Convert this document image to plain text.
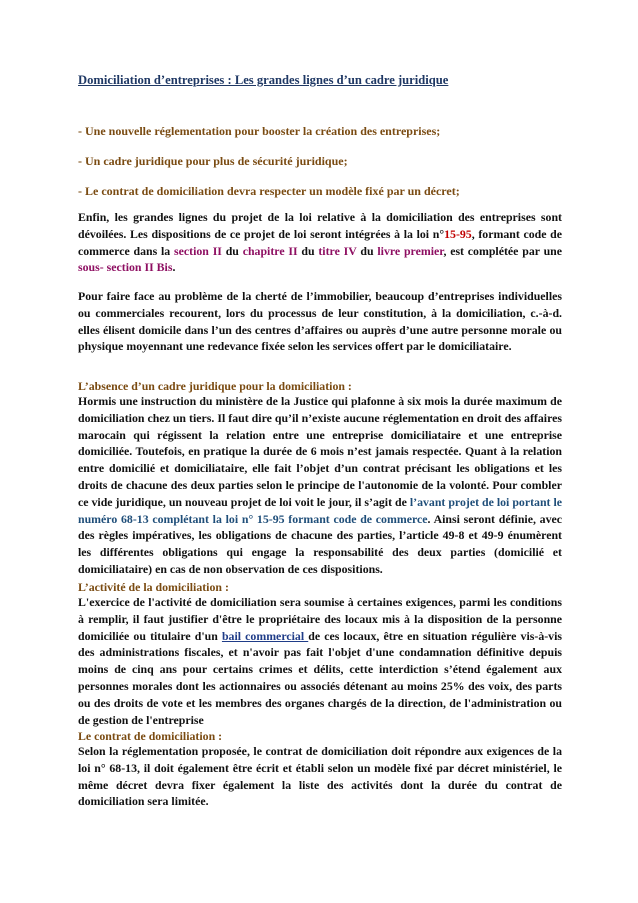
Domiciliation d’entreprises : Les grandes lignes d’un cadre juridique
- Une nouvelle réglementation pour booster la création des entreprises;
- Un cadre juridique pour plus de sécurité juridique;
- Le contrat de domiciliation devra respecter un modèle fixé par un décret;
Enfin, les grandes lignes du projet de la loi relative à la domiciliation des entreprises sont dévoilées. Les dispositions de ce projet de loi seront intégrées à la loi n°15-95, formant code de commerce dans la section II du chapitre II du titre IV du livre premier, est complétée par une sous- section II Bis.
Pour faire face au problème de la cherté de l’immobilier, beaucoup d’entreprises individuelles ou commerciales recourent, lors du processus de leur constitution, à la domiciliation, c.-à-d. elles élisent domicile dans l’un des centres d’affaires ou auprès d’une autre personne morale ou physique moyennant une redevance fixée selon les services offert par le domiciliataire.
L’absence d’un cadre juridique pour la domiciliation :
Hormis une instruction du ministère de la Justice qui plafonne à six mois la durée maximum de domiciliation chez un tiers. Il faut dire qu’il n’existe aucune réglementation en droit des affaires marocain qui régissent la relation entre une entreprise domiciliataire et une entreprise domiciliée. Toutefois, en pratique la durée de 6 mois n’est jamais respectée. Quant à la relation entre domicilié et domiciliataire, elle fait l’objet d’un contrat précisant les obligations et les droits de chacune des deux parties selon le principe de l'autonomie de la volonté. Pour combler ce vide juridique, un nouveau projet de loi voit le jour, il s’agit de l’avant projet de loi portant le numéro 68-13 complétant la loi n° 15-95 formant code de commerce. Ainsi seront définie, avec des règles impératives, les obligations de chacune des parties, l’article 49-8 et 49-9 énumèrent les différentes obligations qui engage la responsabilité des deux parties (domicilié et domiciliataire) en cas de non observation de ces dispositions.
L’activité de la domiciliation :
L'exercice de l'activité de domiciliation sera soumise à certaines exigences, parmi les conditions à remplir, il faut justifier d'être le propriétaire des locaux mis à la disposition de la personne domiciliée ou titulaire d'un bail commercial de ces locaux, être en situation régulière vis-à-vis des administrations fiscales, et n'avoir pas fait l'objet d'une condamnation définitive depuis moins de cinq ans pour certains crimes et délits, cette interdiction s’étend également aux personnes morales dont les actionnaires ou associés détenant au moins 25% des voix, des parts ou des droits de vote et les membres des organes chargés de la direction, de l'administration ou de gestion de l'entreprise
Le contrat de domiciliation :
Selon la réglementation proposée, le contrat de domiciliation doit répondre aux exigences de la loi n° 68-13, il doit également être écrit et établi selon un modèle fixé par décret ministériel, le même décret devra fixer également la liste des activités dont la durée du contrat de domiciliation sera limitée.
